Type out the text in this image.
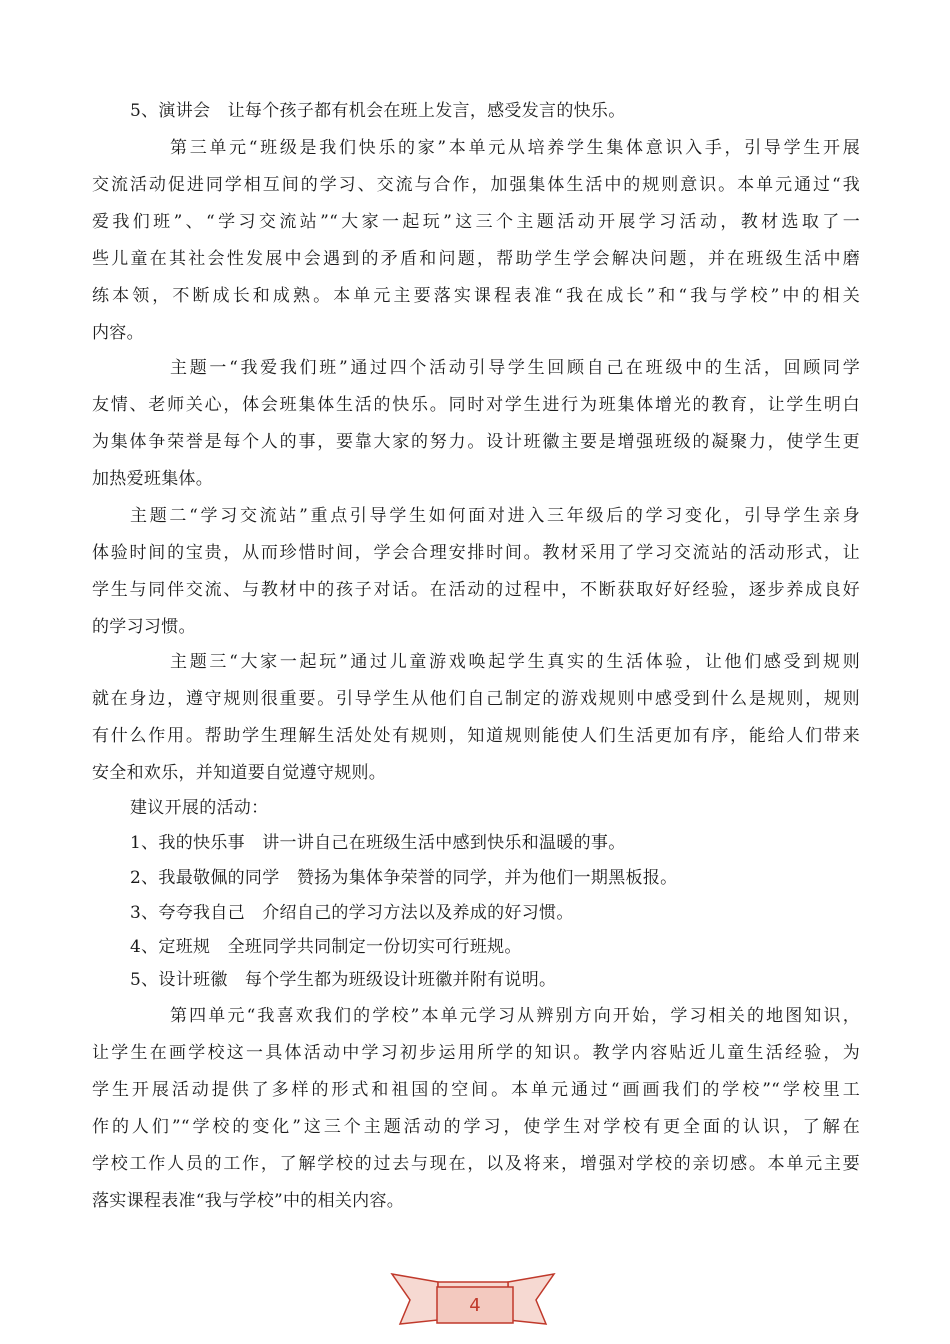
5、演讲会　让每个孩子都有机会在班上发言，感受发言的快乐。
第三单元“班级是我们快乐的家”本单元从培养学生集体意识入手，引导学生开展
交流活动促进同学相互间的学习、交流与合作，加强集体生活中的规则意识。本单元通过“我
爱我们班”、“学习交流站”“大家一起玩”这三个主题活动开展学习活动，教材选取了一
些儿童在其社会性发展中会遇到的矛盾和问题，帮助学生学会解决问题，并在班级生活中磨
练本领，不断成长和成熟。本单元主要落实课程表准“我在成长”和“我与学校”中的相关
内容。
主题一“我爱我们班”通过四个活动引导学生回顾自己在班级中的生活，回顾同学
友情、老师关心，体会班集体生活的快乐。同时对学生进行为班集体增光的教育，让学生明白
为集体争荣誉是每个人的事，要靠大家的努力。设计班徽主要是增强班级的凝聚力，使学生更
加热爱班集体。
主题二“学习交流站”重点引导学生如何面对进入三年级后的学习变化，引导学生亲身
体验时间的宝贵，从而珍惜时间，学会合理安排时间。教材采用了学习交流站的活动形式，让
学生与同伴交流、与教材中的孩子对话。在活动的过程中，不断获取好好经验，逐步养成良好
的学习习惯。
主题三“大家一起玩”通过儿童游戏唤起学生真实的生活体验，让他们感受到规则
就在身边，遵守规则很重要。引导学生从他们自己制定的游戏规则中感受到什么是规则，规则
有什么作用。帮助学生理解生活处处有规则，知道规则能使人们生活更加有序，能给人们带来
安全和欢乐，并知道要自觉遵守规则。
建议开展的活动：
1、我的快乐事　讲一讲自己在班级生活中感到快乐和温暖的事。
2、我最敬佩的同学　赞扬为集体争荣誉的同学，并为他们一期黑板报。
3、夸夸我自己　介绍自己的学习方法以及养成的好习惯。
4、定班规　全班同学共同制定一份切实可行班规。
5、设计班徽　每个学生都为班级设计班徽并附有说明。
第四单元“我喜欢我们的学校”本单元学习从辨别方向开始，学习相关的地图知识，
让学生在画学校这一具体活动中学习初步运用所学的知识。教学内容贴近儿童生活经验，为
学生开展活动提供了多样的形式和祖国的空间。本单元通过“画画我们的学校”“学校里工
作的人们”“学校的变化”这三个主题活动的学习，使学生对学校有更全面的认识，了解在
学校工作人员的工作，了解学校的过去与现在，以及将来，增强对学校的亲切感。本单元主要
落实课程表准“我与学校”中的相关内容。
4
